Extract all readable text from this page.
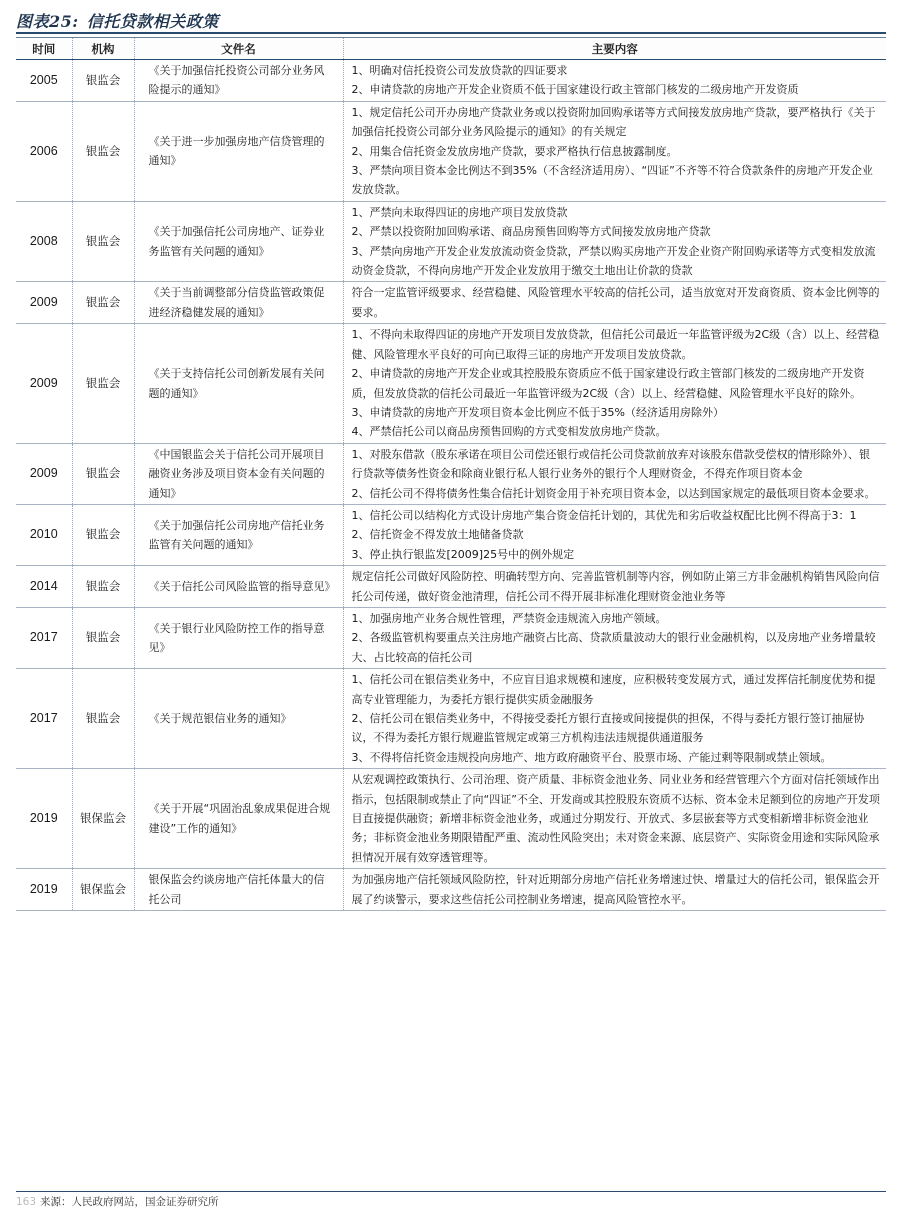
图表25: 信托贷款相关政策
时间	机构	文件名	主要内容
2005	银监会	《关于加强信托投资公司部分业务风险提示的通知》	1、明确对信托投资公司发放贷款的四证要求
2、申请贷款的房地产开发企业资质不低于国家建设行政主管部门核发的二级房地产开发资质

2006	银监会	《关于进一步加强房地产信贷管理的通知》	1、规定信托公司开办房地产贷款业务或以投资附加回购承诺等方式间接发放房地产贷款，要严格执行《关于加强信托投资公司部分业务风险提示的通知》的有关规定
2、用集合信托资金发放房地产贷款，要求严格执行信息披露制度。
3、严禁向项目资本金比例达不到35%（不含经济适用房）、“四证”不齐等不符合贷款条件的房地产开发企业发放贷款。

2008	银监会	《关于加强信托公司房地产、证券业务监管有关问题的通知》	1、严禁向未取得四证的房地产项目发放贷款
2、严禁以投资附加回购承诺、商品房预售回购等方式间接发放房地产贷款
3、严禁向房地产开发企业发放流动资金贷款，严禁以购买房地产开发企业资产附回购承诺等方式变相发放流动资金贷款，不得向房地产开发企业发放用于缴交土地出让价款的贷款

2009	银监会	《关于当前调整部分信贷监管政策促进经济稳健发展的通知》	符合一定监管评级要求、经营稳健、风险管理水平较高的信托公司，适当放宽对开发商资质、资本金比例等的要求。

2009	银监会	《关于支持信托公司创新发展有关问题的通知》	1、不得向未取得四证的房地产开发项目发放贷款，但信托公司最近一年监管评级为2C级（含）以上、经营稳健、风险管理水平良好的可向已取得三证的房地产开发项目发放贷款。
2、申请贷款的房地产开发企业或其控股股东资质应不低于国家建设行政主管部门核发的二级房地产开发资质，但发放贷款的信托公司最近一年监管评级为2C级（含）以上、经营稳健、风险管理水平良好的除外。
3、申请贷款的房地产开发项目资本金比例应不低于35%（经济适用房除外）
4、严禁信托公司以商品房预售回购的方式变相发放房地产贷款。

2009	银监会	《中国银监会关于信托公司开展项目融资业务涉及项目资本金有关问题的通知》	1、对股东借款（股东承诺在项目公司偿还银行或信托公司贷款前放弃对该股东借款受偿权的情形除外）、银行贷款等债务性资金和除商业银行私人银行业务外的银行个人理财资金，不得充作项目资本金
2、信托公司不得将债务性集合信托计划资金用于补充项目资本金，以达到国家规定的最低项目资本金要求。

2010	银监会	《关于加强信托公司房地产信托业务监管有关问题的通知》	1、信托公司以结构化方式设计房地产集合资金信托计划的，其优先和劣后收益权配比比例不得高于3：1
2、信托资金不得发放土地储备贷款
3、停止执行银监发[2009]25号中的例外规定

2014	银监会	《关于信托公司风险监管的指导意见》	规定信托公司做好风险防控、明确转型方向、完善监管机制等内容，例如防止第三方非金融机构销售风险向信托公司传递，做好资金池清理，信托公司不得开展非标准化理财资金池业务等

2017	银监会	《关于银行业风险防控工作的指导意见》	1、加强房地产业务合规性管理，严禁资金违规流入房地产领域。
2、各级监管机构要重点关注房地产融资占比高、贷款质量波动大的银行业金融机构，以及房地产业务增量较大、占比较高的信托公司

2017	银监会	《关于规范银信业务的通知》	1、信托公司在银信类业务中，不应盲目追求规模和速度，应积极转变发展方式，通过发挥信托制度优势和提高专业管理能力，为委托方银行提供实质金融服务
2、信托公司在银信类业务中，不得接受委托方银行直接或间接提供的担保，不得与委托方银行签订抽屉协议，不得为委托方银行规避监管规定或第三方机构违法违规提供通道服务
3、不得将信托资金违规投向房地产、地方政府融资平台、股票市场、产能过剩等限制或禁止领域。

2019	银保监会	《关于开展“巩固治乱象成果促进合规建设”工作的通知》	从宏观调控政策执行、公司治理、资产质量、非标资金池业务、同业业务和经营管理六个方面对信托领域作出指示，包括限制或禁止了向“四证”不全、开发商或其控股股东资质不达标、资本金未足额到位的房地产开发项目直接提供融资；新增非标资金池业务，或通过分期发行、开放式、多层嵌套等方式变相新增非标资金池业务；非标资金池业务期限错配严重、流动性风险突出；未对资金来源、底层资产、实际资金用途和实际风险承担情况开展有效穿透管理等。

2019	银保监会	银保监会约谈房地产信托体量大的信托公司	为加强房地产信托领域风险防控，针对近期部分房地产信托业务增速过快、增量过大的信托公司，银保监会开展了约谈警示，要求这些信托公司控制业务增速，提高风险管控水平。
163 来源：人民政府网站，国金证券研究所
